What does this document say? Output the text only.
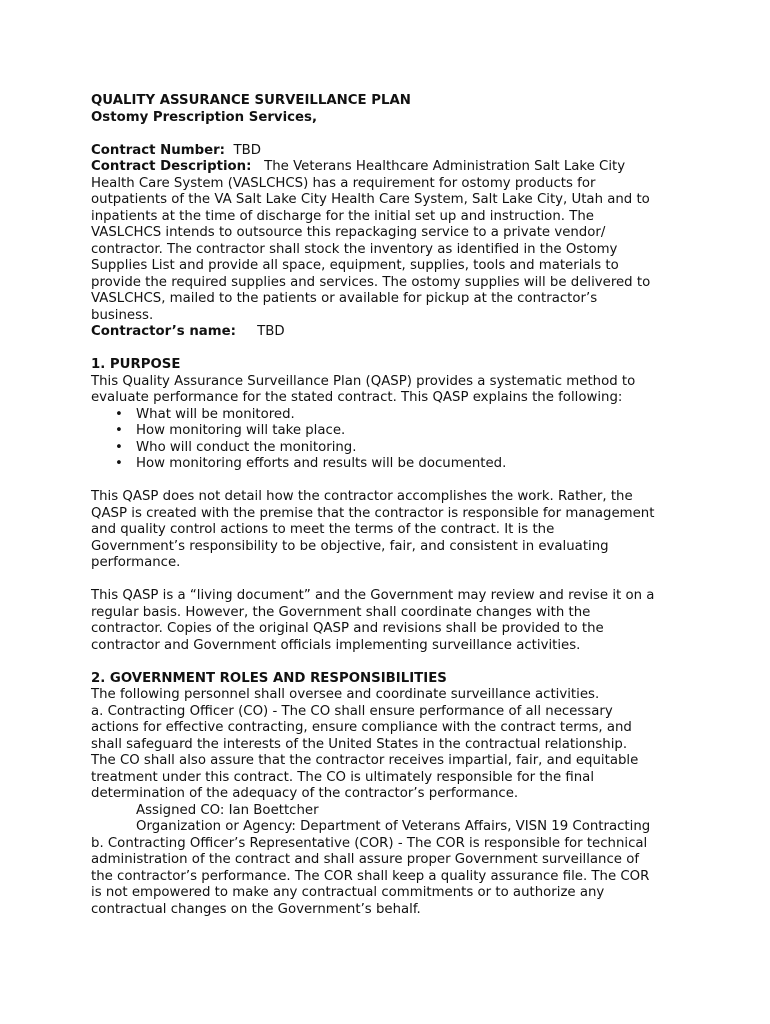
QUALITY ASSURANCE SURVEILLANCE PLAN
Ostomy Prescription Services,
Contract Number: TBD
Contract Description: The Veterans Healthcare Administration Salt Lake City
Health Care System (VASLCHCS) has a requirement for ostomy products for
outpatients of the VA Salt Lake City Health Care System, Salt Lake City, Utah and to
inpatients at the time of discharge for the initial set up and instruction. The
VASLCHCS intends to outsource this repackaging service to a private vendor/
contractor. The contractor shall stock the inventory as identified in the Ostomy
Supplies List and provide all space, equipment, supplies, tools and materials to
provide the required supplies and services. The ostomy supplies will be delivered to
VASLCHCS, mailed to the patients or available for pickup at the contractor’s
business.
Contractor’s name: TBD
1. PURPOSE
This Quality Assurance Surveillance Plan (QASP) provides a systematic method to
evaluate performance for the stated contract. This QASP explains the following:
• What will be monitored.
• How monitoring will take place.
• Who will conduct the monitoring.
• How monitoring efforts and results will be documented.
This QASP does not detail how the contractor accomplishes the work. Rather, the
QASP is created with the premise that the contractor is responsible for management
and quality control actions to meet the terms of the contract. It is the
Government’s responsibility to be objective, fair, and consistent in evaluating
performance.
This QASP is a “living document” and the Government may review and revise it on a
regular basis. However, the Government shall coordinate changes with the
contractor. Copies of the original QASP and revisions shall be provided to the
contractor and Government officials implementing surveillance activities.
2. GOVERNMENT ROLES AND RESPONSIBILITIES
The following personnel shall oversee and coordinate surveillance activities.
a. Contracting Officer (CO) - The CO shall ensure performance of all necessary
actions for effective contracting, ensure compliance with the contract terms, and
shall safeguard the interests of the United States in the contractual relationship.
The CO shall also assure that the contractor receives impartial, fair, and equitable
treatment under this contract. The CO is ultimately responsible for the final
determination of the adequacy of the contractor’s performance.
Assigned CO: Ian Boettcher
Organization or Agency: Department of Veterans Affairs, VISN 19 Contracting
b. Contracting Officer’s Representative (COR) - The COR is responsible for technical
administration of the contract and shall assure proper Government surveillance of
the contractor’s performance. The COR shall keep a quality assurance file. The COR
is not empowered to make any contractual commitments or to authorize any
contractual changes on the Government’s behalf.
